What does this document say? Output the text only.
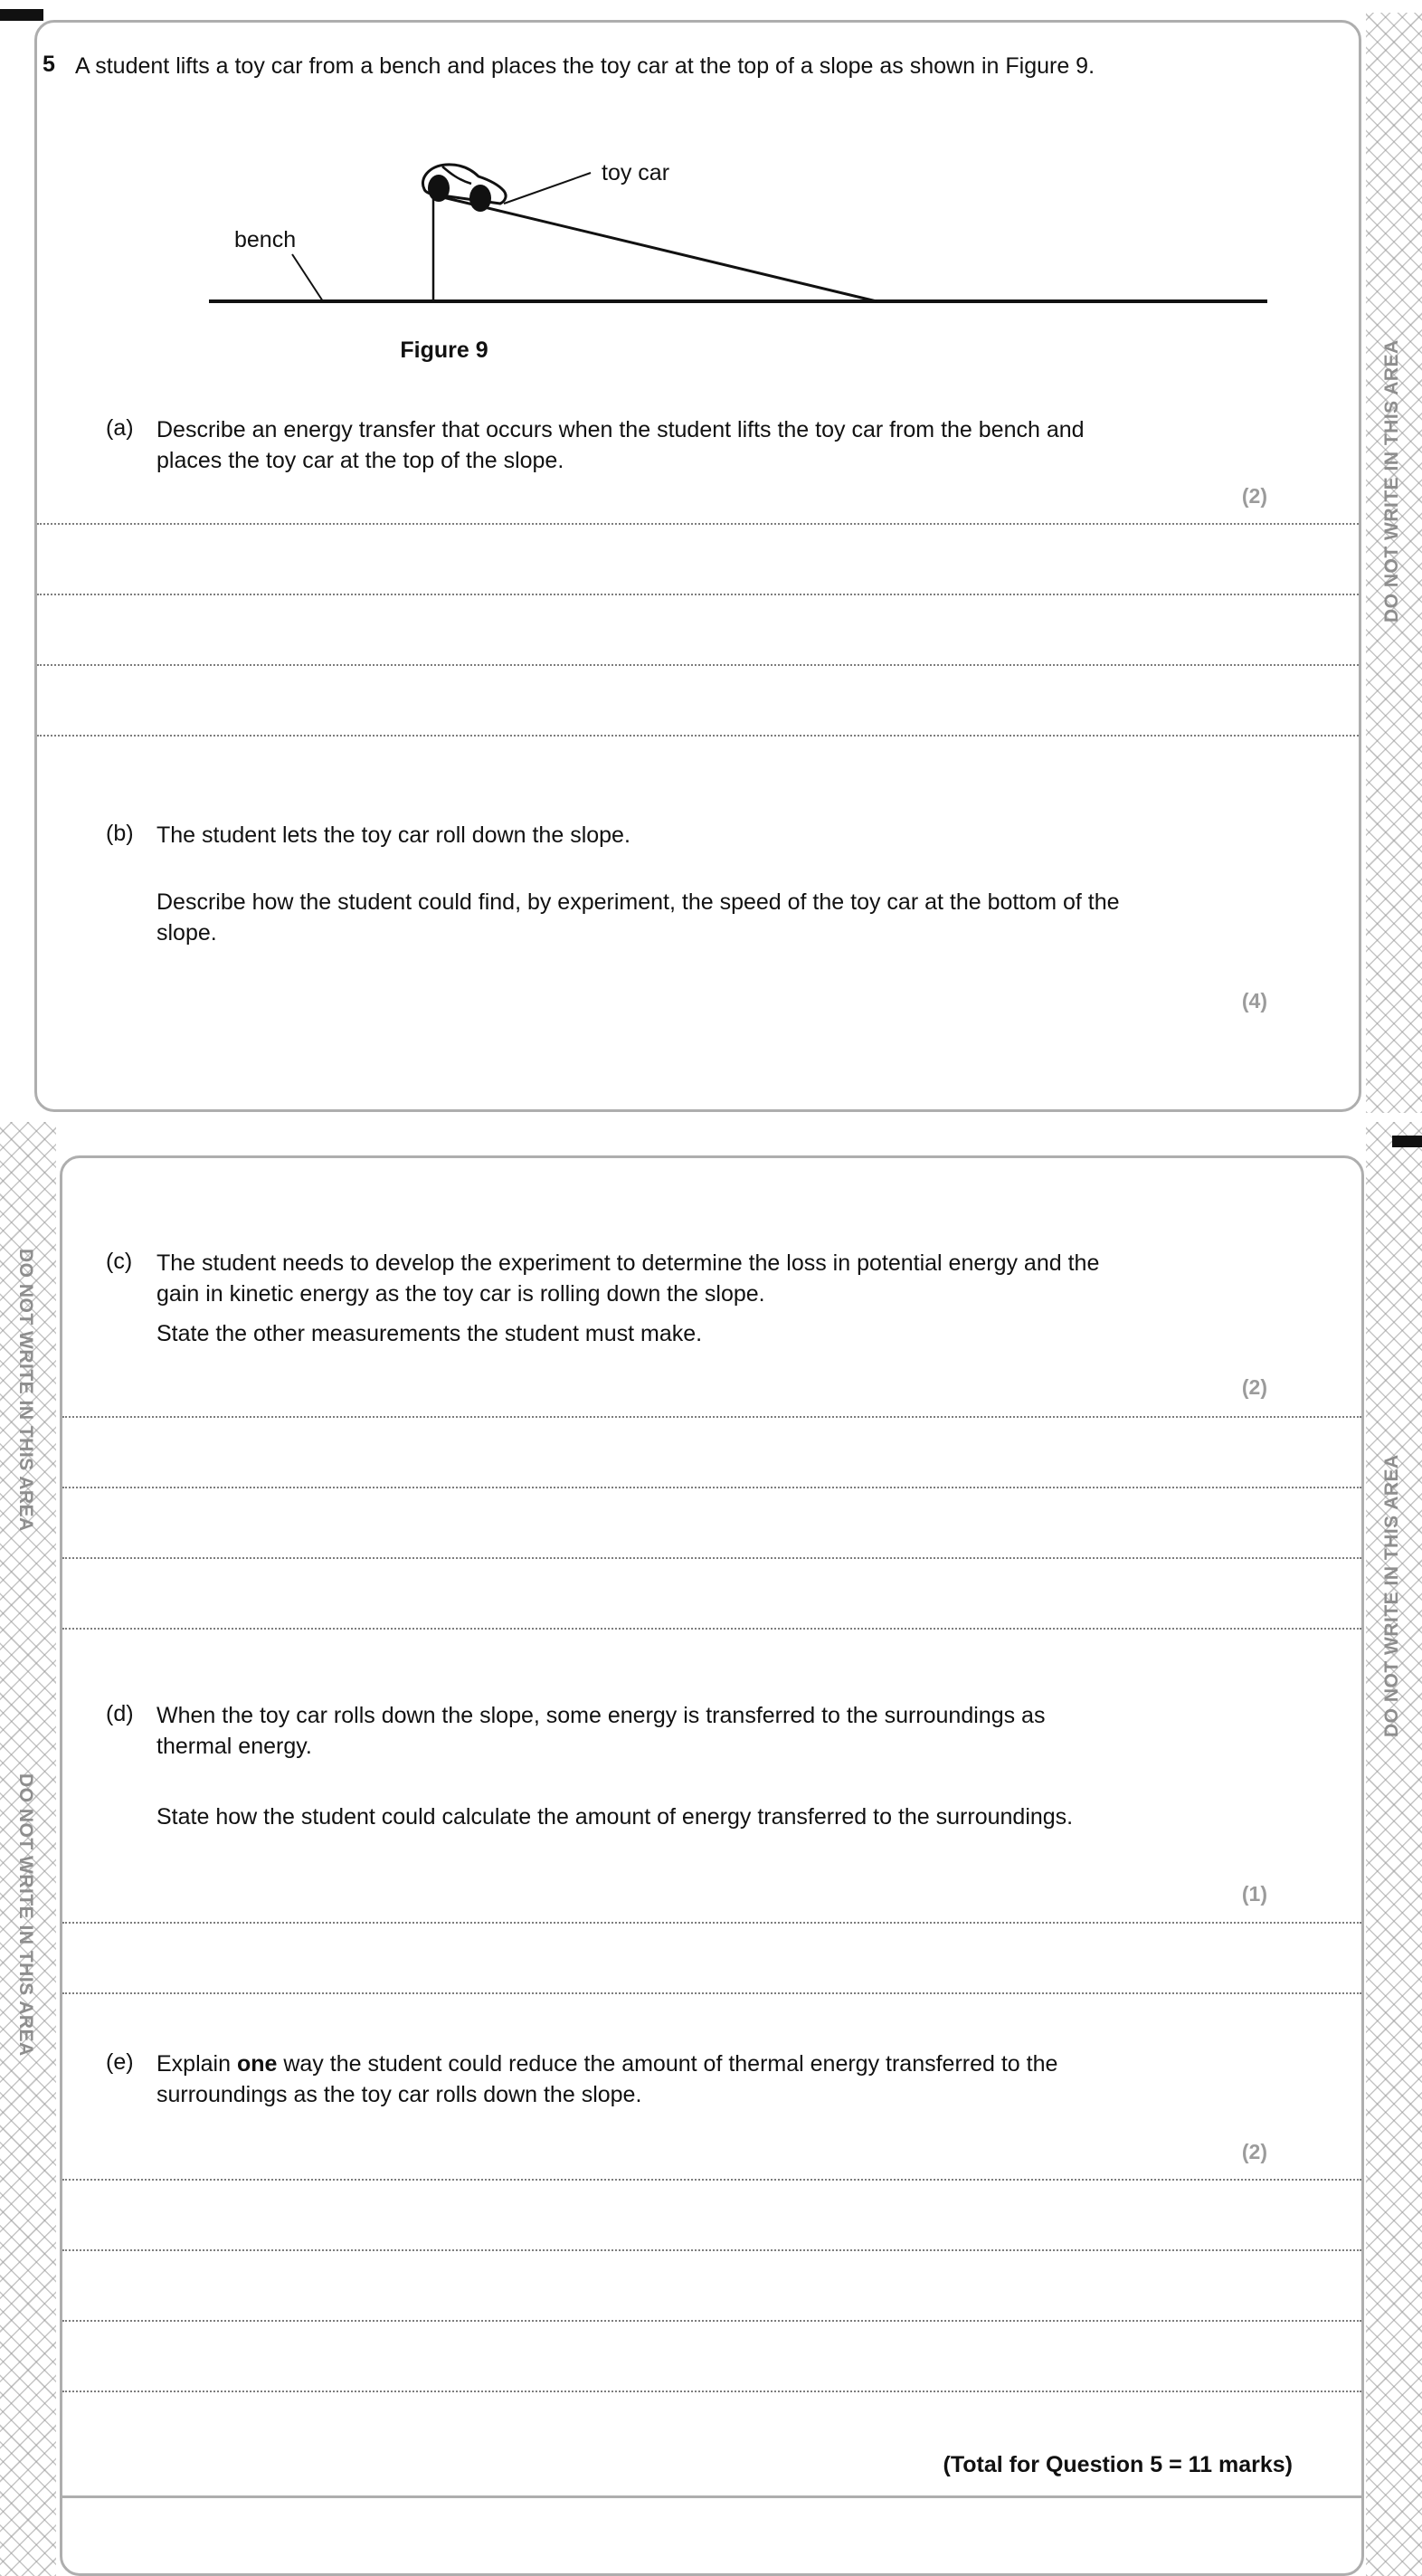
DO NOT WRITE IN THIS AREA
DO NOT WRITE IN THIS AREA
DO NOT WRITE IN THIS AREA
DO NOT WRITE IN THIS AREA
5 A student lifts a toy car from a bench and places the toy car at the top of a slope as shown in Figure 9.
toy car
bench
Figure 9
(a) Describe an energy transfer that occurs when the student lifts the toy car from the bench and places the toy car at the top of the slope.
(2)
(b) The student lets the toy car roll down the slope.
Describe how the student could find, by experiment, the speed of the toy car at the bottom of the slope.
(4)
(c) The student needs to develop the experiment to determine the loss in potential energy and the gain in kinetic energy as the toy car is rolling down the slope.
State the other measurements the student must make.
(2)
(d) When the toy car rolls down the slope, some energy is transferred to the surroundings as thermal energy.
State how the student could calculate the amount of energy transferred to the surroundings.
(1)
(e) Explain one way the student could reduce the amount of thermal energy transferred to the surroundings as the toy car rolls down the slope.
(2)
(Total for Question 5 = 11 marks)
